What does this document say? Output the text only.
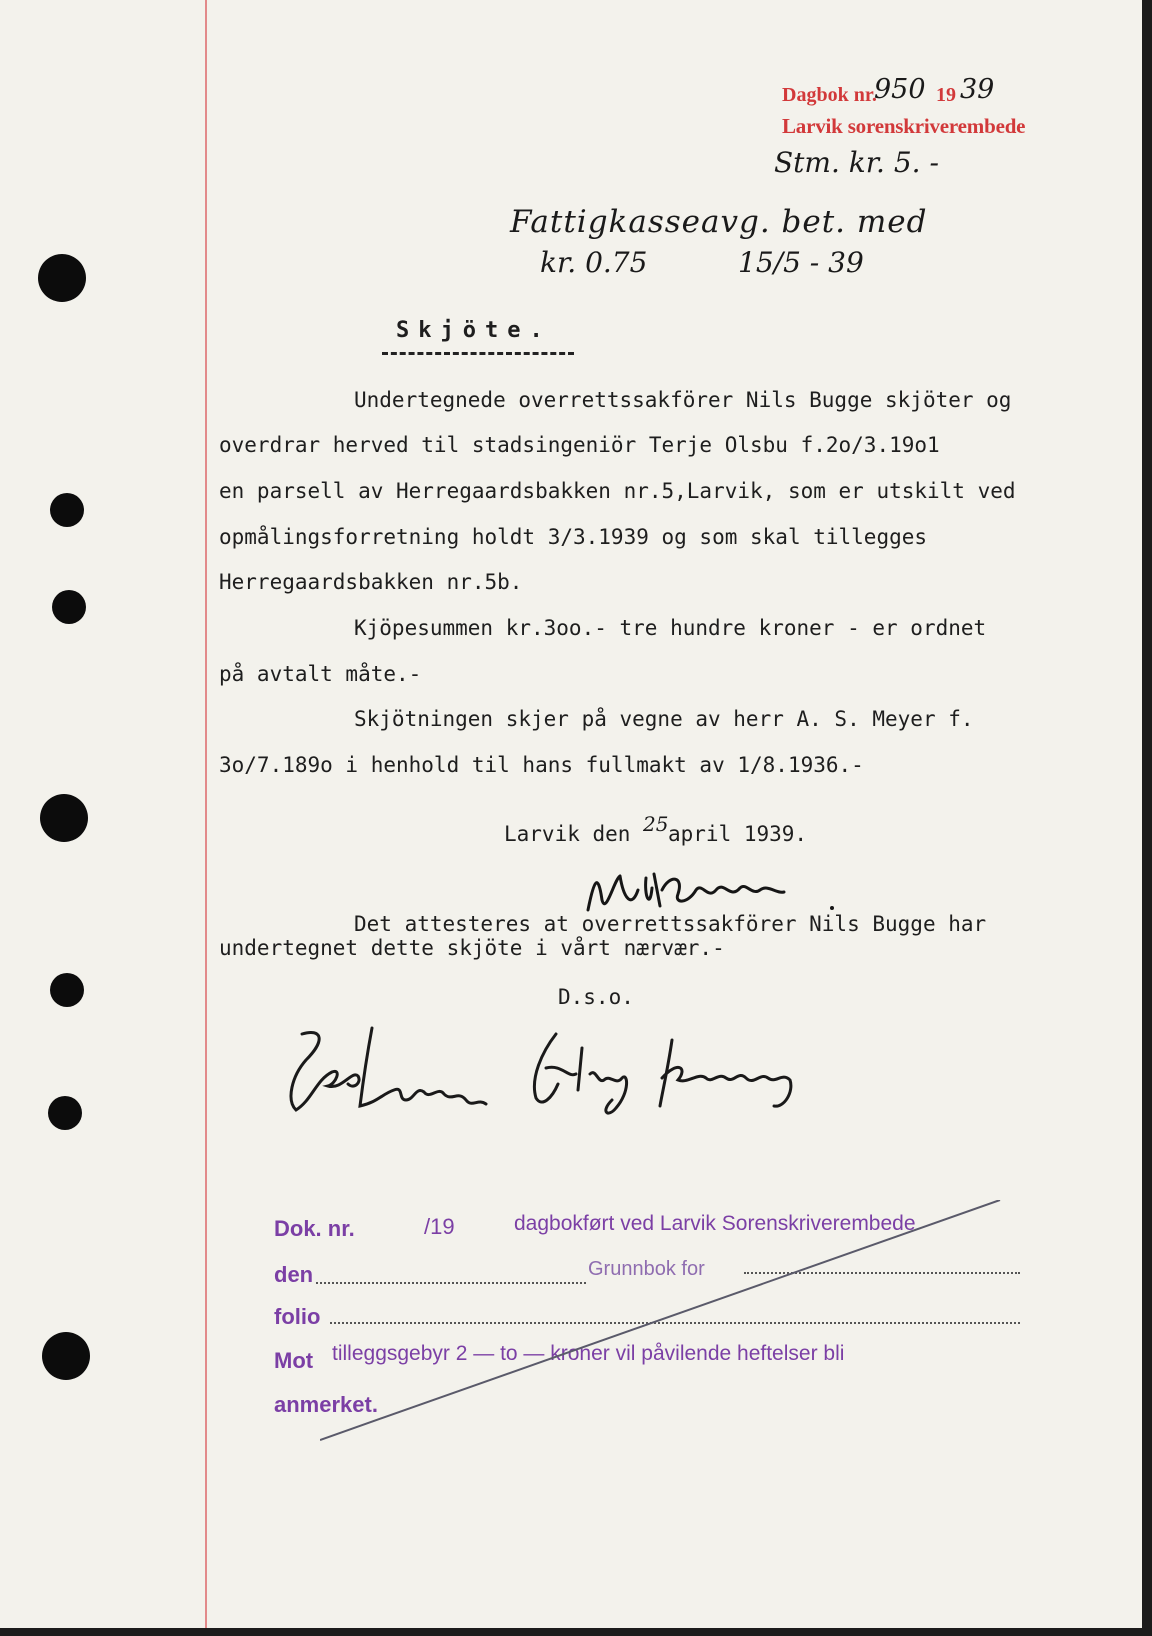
Dagbok nr.
950 19 39
Larvik sorenskriverembede
Stm. kr. 5. -
Fattigkasseavg. bet. med
kr. 0.75	15/5 - 39
Skjöte.
Undertegnede overrettssakförer Nils Bugge skjöter og
overdrar herved til stadsingeniör Terje Olsbu f.2o/3.19o1
en parsell av Herregaardsbakken nr.5,Larvik, som er utskilt ved
opmålingsforretning holdt 3/3.1939 og som skal tillegges
Herregaardsbakken nr.5b.
Kjöpesummen kr.3oo.- tre hundre kroner - er ordnet
på avtalt måte.-
Skjötningen skjer på vegne av herr A. S. Meyer f.
3o/7.189o i henhold til hans fullmakt av 1/8.1936.-
Larvik den 25 april 1939.
Det attesteres at overrettssakförer Nils Bugge har
undertegnet dette skjöte i vårt nærvær.-
D.s.o.
Dok. nr.	/19	dagbokført ved Larvik Sorenskriverembede
den	Grunnbok for
folio
Mot tilleggsgebyr 2 — to — kroner vil påvilende heftelser bli
anmerket.
